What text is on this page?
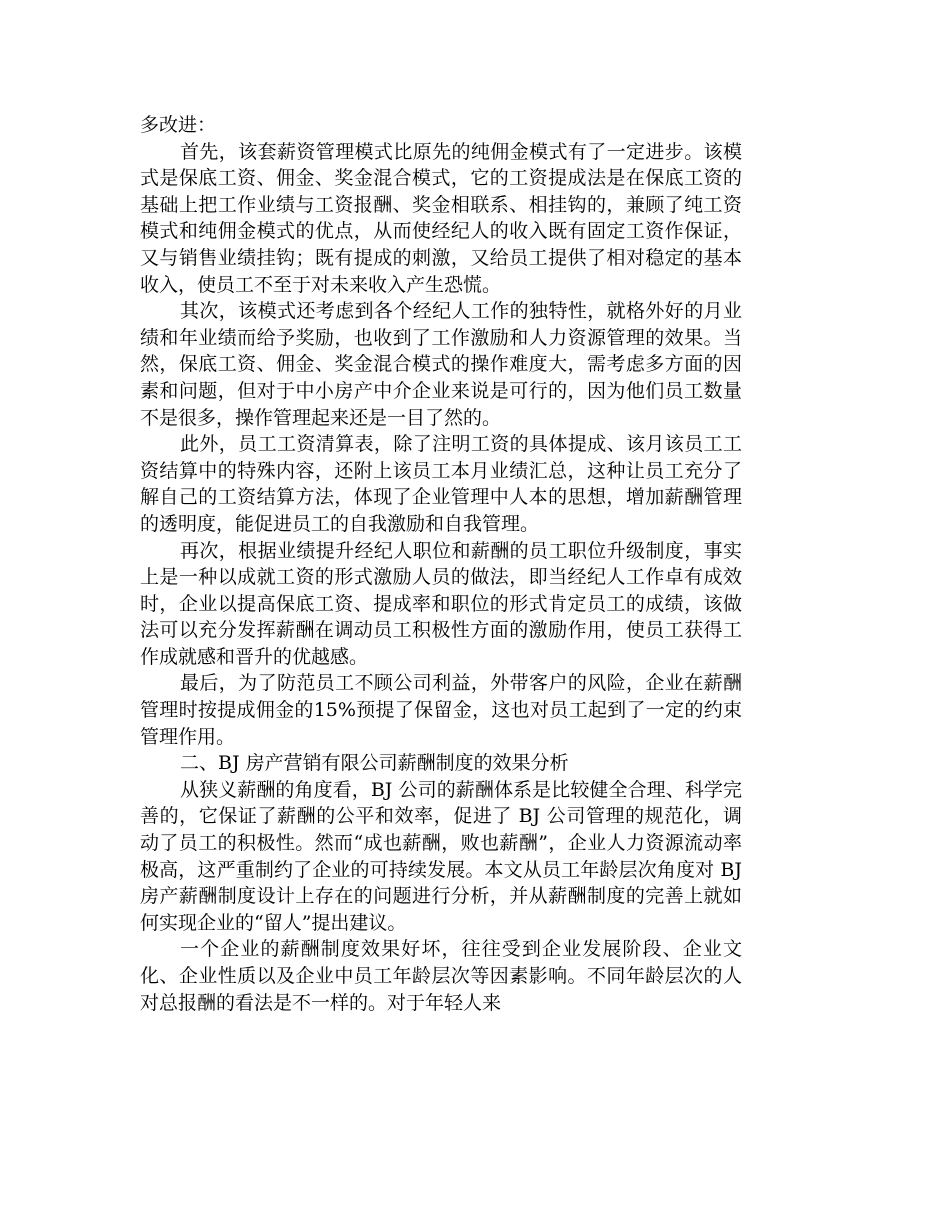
多改进：

首先，该套薪资管理模式比原先的纯佣金模式有了一定进步。该模式是保底工资、佣金、奖金混合模式，它的工资提成法是在保底工资的基础上把工作业绩与工资报酬、奖金相联系、相挂钩的，兼顾了纯工资模式和纯佣金模式的优点，从而使经纪人的收入既有固定工资作保证，又与销售业绩挂钩；既有提成的刺激，又给员工提供了相对稳定的基本收入，使员工不至于对未来收入产生恐慌。

其次，该模式还考虑到各个经纪人工作的独特性，就格外好的月业绩和年业绩而给予奖励，也收到了工作激励和人力资源管理的效果。当然，保底工资、佣金、奖金混合模式的操作难度大，需考虑多方面的因素和问题，但对于中小房产中介企业来说是可行的，因为他们员工数量不是很多，操作管理起来还是一目了然的。

此外，员工工资清算表，除了注明工资的具体提成、该月该员工工资结算中的特殊内容，还附上该员工本月业绩汇总，这种让员工充分了解自己的工资结算方法，体现了企业管理中人本的思想，增加薪酬管理的透明度，能促进员工的自我激励和自我管理。

再次，根据业绩提升经纪人职位和薪酬的员工职位升级制度，事实上是一种以成就工资的形式激励人员的做法，即当经纪人工作卓有成效时，企业以提高保底工资、提成率和职位的形式肯定员工的成绩，该做法可以充分发挥薪酬在调动员工积极性方面的激励作用，使员工获得工作成就感和晋升的优越感。

最后，为了防范员工不顾公司利益，外带客户的风险，企业在薪酬管理时按提成佣金的15%预提了保留金，这也对员工起到了一定的约束管理作用。

二、BJ 房产营销有限公司薪酬制度的效果分析

从狭义薪酬的角度看，BJ 公司的薪酬体系是比较健全合理、科学完善的，它保证了薪酬的公平和效率，促进了 BJ 公司管理的规范化，调动了员工的积极性。然而“成也薪酬，败也薪酬”，企业人力资源流动率极高，这严重制约了企业的可持续发展。本文从员工年龄层次角度对 BJ 房产薪酬制度设计上存在的问题进行分析，并从薪酬制度的完善上就如何实现企业的“留人”提出建议。

一个企业的薪酬制度效果好坏，往往受到企业发展阶段、企业文化、企业性质以及企业中员工年龄层次等因素影响。不同年龄层次的人对总报酬的看法是不一样的。对于年轻人来
